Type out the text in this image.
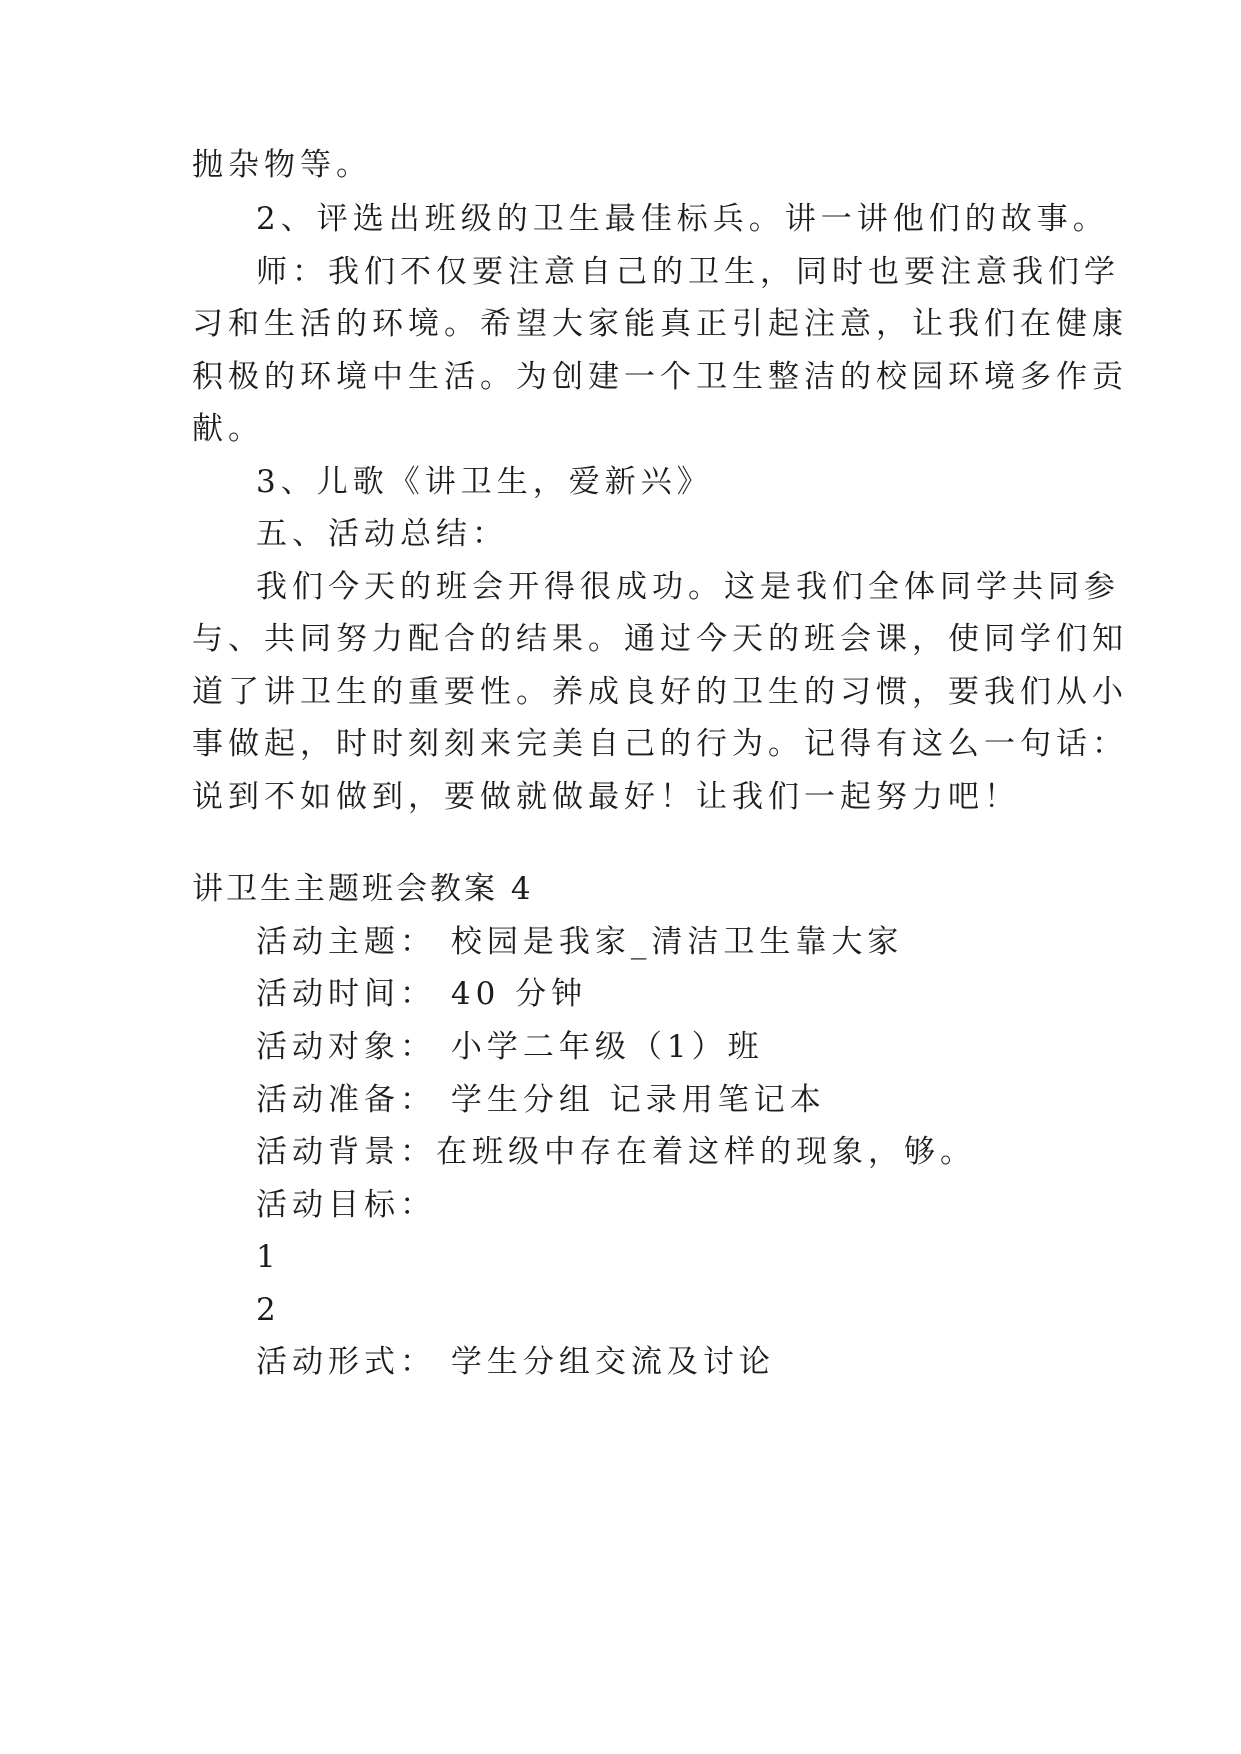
抛杂物等。
2、评选出班级的卫生最佳标兵。讲一讲他们的故事。
师：我们不仅要注意自己的卫生，同时也要注意我们学
习和生活的环境。希望大家能真正引起注意，让我们在健康
积极的环境中生活。为创建一个卫生整洁的校园环境多作贡
献。
3、儿歌《讲卫生，爱新兴》
五、活动总结：
我们今天的班会开得很成功。这是我们全体同学共同参
与、共同努力配合的结果。通过今天的班会课，使同学们知
道了讲卫生的重要性。养成良好的卫生的习惯，要我们从小
事做起，时时刻刻来完美自己的行为。记得有这么一句话：
说到不如做到，要做就做最好！让我们一起努力吧！
讲卫生主题班会教案 4
活动主题： 校园是我家_清洁卫生靠大家
活动时间： 40 分钟
活动对象： 小学二年级（1）班
活动准备： 学生分组 记录用笔记本
活动背景：在班级中存在着这样的现象，够。
活动目标：
1
2
活动形式： 学生分组交流及讨论
